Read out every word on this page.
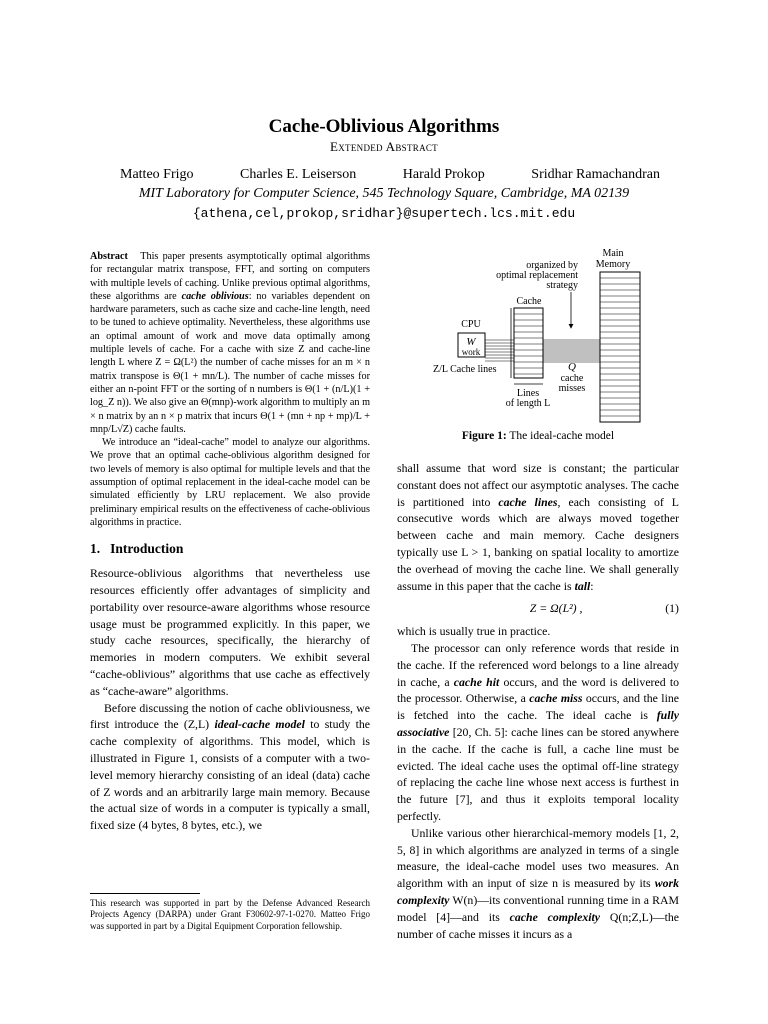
Cache-Oblivious Algorithms
Extended Abstract
Matteo Frigo	Charles E. Leiserson	Harald Prokop	Sridhar Ramachandran
MIT Laboratory for Computer Science, 545 Technology Square, Cambridge, MA 02139
{athena,cel,prokop,sridhar}@supertech.lcs.mit.edu

Abstract This paper presents asymptotically optimal algorithms for rectangular matrix transpose, FFT, and sorting on computers with multiple levels of caching. Unlike previous optimal algorithms, these algorithms are cache oblivious: no variables dependent on hardware parameters, such as cache size and cache-line length, need to be tuned to achieve optimality. Nevertheless, these algorithms use an optimal amount of work and move data optimally among multiple levels of cache. For a cache with size Z and cache-line length L where Z = Ω(L²) the number of cache misses for an m × n matrix transpose is Θ(1 + mn/L). The number of cache misses for either an n-point FFT or the sorting of n numbers is Θ(1 + (n/L)(1 + log_Z n)). We also give an Θ(mnp)-work algorithm to multiply an m × n matrix by an n × p matrix that incurs Θ(1 + (mn + np + mp)/L + mnp/L√Z) cache faults.

We introduce an “ideal-cache” model to analyze our algorithms. We prove that an optimal cache-oblivious algorithm designed for two levels of memory is also optimal for multiple levels and that the assumption of optimal replacement in the ideal-cache model can be simulated efficiently by LRU replacement. We also provide preliminary empirical results on the effectiveness of cache-oblivious algorithms in practice.

1. Introduction

Resource-oblivious algorithms that nevertheless use resources efficiently offer advantages of simplicity and portability over resource-aware algorithms whose resource usage must be programmed explicitly. In this paper, we study cache resources, specifically, the hierarchy of memories in modern computers. We exhibit several “cache-oblivious” algorithms that use cache as effectively as “cache-aware” algorithms.

Before discussing the notion of cache obliviousness, we first introduce the (Z,L) ideal-cache model to study the cache complexity of algorithms. This model, which is illustrated in Figure 1, consists of a computer with a two-level memory hierarchy consisting of an ideal (data) cache of Z words and an arbitrarily large main memory. Because the actual size of words in a computer is typically a small, fixed size (4 bytes, 8 bytes, etc.), we

This research was supported in part by the Defense Advanced Research Projects Agency (DARPA) under Grant F30602-97-1-0270. Matteo Frigo was supported in part by a Digital Equipment Corporation fellowship.
Main
Memory
organized by
optimal replacement
strategy
Cache
CPU
W
work
Z/L Cache lines	Q
cache
misses
Lines
of length L
Figure 1: The ideal-cache model

shall assume that word size is constant; the particular constant does not affect our asymptotic analyses. The cache is partitioned into cache lines, each consisting of L consecutive words which are always moved together between cache and main memory. Cache designers typically use L > 1, banking on spatial locality to amortize the overhead of moving the cache line. We shall generally assume in this paper that the cache is tall:

Z = Ω(L²) ,	(1)

which is usually true in practice.

The processor can only reference words that reside in the cache. If the referenced word belongs to a line already in cache, a cache hit occurs, and the word is delivered to the processor. Otherwise, a cache miss occurs, and the line is fetched into the cache. The ideal cache is fully associative [20, Ch. 5]: cache lines can be stored anywhere in the cache. If the cache is full, a cache line must be evicted. The ideal cache uses the optimal off-line strategy of replacing the cache line whose next access is furthest in the future [7], and thus it exploits temporal locality perfectly.

Unlike various other hierarchical-memory models [1, 2, 5, 8] in which algorithms are analyzed in terms of a single measure, the ideal-cache model uses two measures. An algorithm with an input of size n is measured by its work complexity W(n)—its conventional running time in a RAM model [4]—and its cache complexity Q(n;Z,L)—the number of cache misses it incurs as a
